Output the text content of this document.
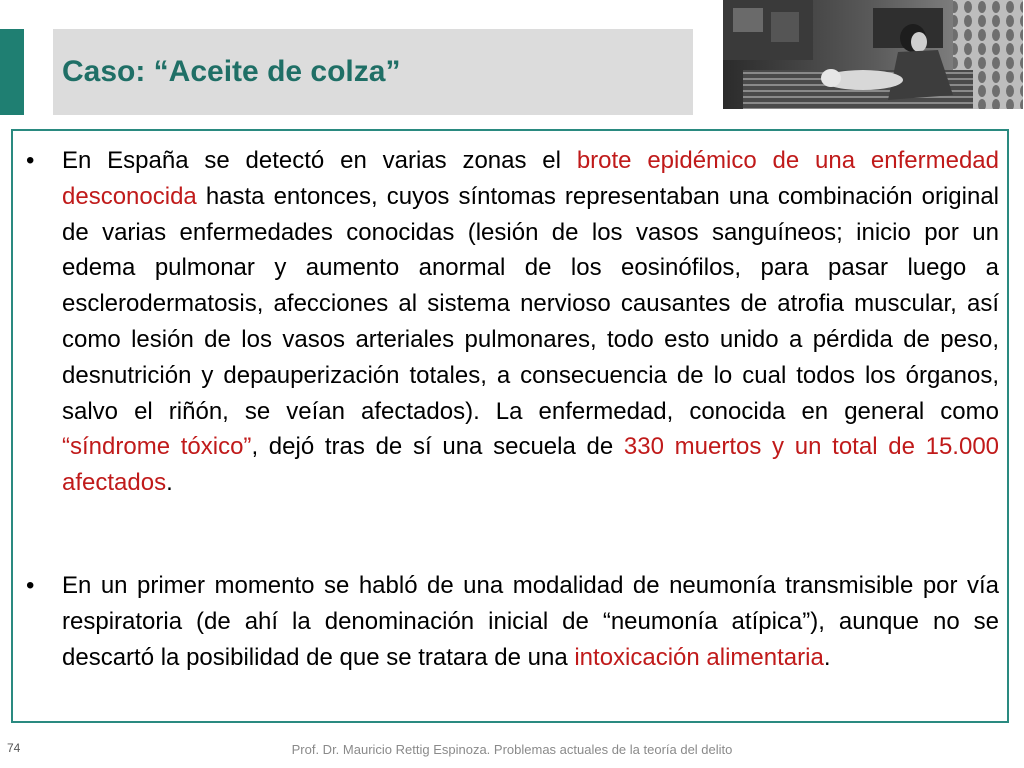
Caso: “Aceite de colza”
• En España se detectó en varias zonas el brote epidémico de una enfermedad desconocida hasta entonces, cuyos síntomas representaban una combinación original de varias enfermedades conocidas (lesión de los vasos sanguíneos; inicio por un edema pulmonar y aumento anormal de los eosinófilos, para pasar luego a esclerodermatosis, afecciones al sistema nervioso causantes de atrofia muscular, así como lesión de los vasos arteriales pulmonares, todo esto unido a pérdida de peso, desnutrición y depauperización totales, a consecuencia de lo cual todos los órganos, salvo el riñón, se veían afectados). La enfermedad, conocida en general como “síndrome tóxico”, dejó tras de sí una secuela de 330 muertos y un total de 15.000 afectados.

• En un primer momento se habló de una modalidad de neumonía transmisible por vía respiratoria (de ahí la denominación inicial de “neumonía atípica”), aunque no se descartó la posibilidad de que se tratara de una intoxicación alimentaria.

74	Prof. Dr. Mauricio Rettig Espinoza. Problemas actuales de la teoría del delito
